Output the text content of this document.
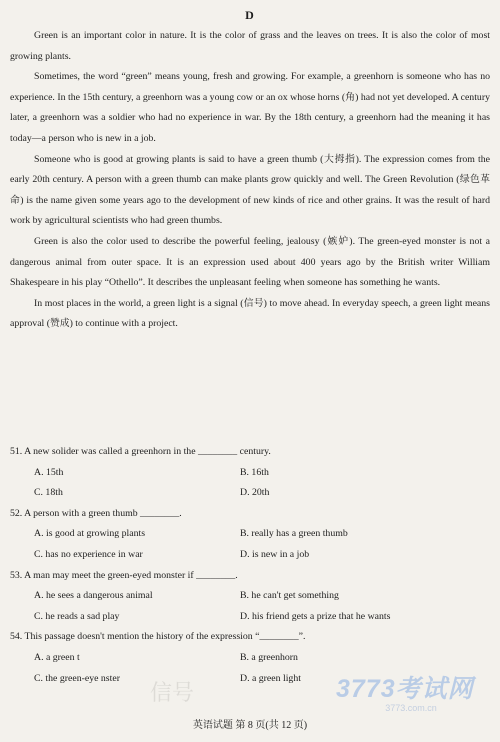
D

Green is an important color in nature. It is the color of grass and the leaves on trees. It is also the color of most growing plants.

Sometimes, the word “green” means young, fresh and growing. For example, a greenhorn is someone who has no experience. In the 15th century, a greenhorn was a young cow or an ox whose horns (角) had not yet developed. A century later, a greenhorn was a soldier who had no experience in war. By the 18th century, a greenhorn had the meaning it has today—a person who is new in a job.

Someone who is good at growing plants is said to have a green thumb (大拇指). The expression comes from the early 20th century. A person with a green thumb can make plants grow quickly and well. The Green Revolution (绿色革命) is the name given some years ago to the development of new kinds of rice and other grains. It was the result of hard work by agricultural scientists who had green thumbs.

Green is also the color used to describe the powerful feeling, jealousy (嫉妒). The green-eyed monster is not a dangerous animal from outer space. It is an expression used about 400 years ago by the British writer William Shakespeare in his play “Othello”. It describes the unpleasant feeling when someone has something he wants.

In most places in the world, a green light is a signal (信号) to move ahead. In everyday speech, a green light means approval (赞成) to continue with a project.

51. A new solider was called a greenhorn in the ________ century.

A. 15th	B. 16th
C. 18th	D. 20th

52. A person with a green thumb ________.

A. is good at growing plants	B. really has a green thumb
C. has no experience in war	D. is new in a job

53. A man may meet the green-eyed monster if ________.

A. he sees a dangerous animal	B. he can't get something
C. he reads a sad play	D. his friend gets a prize that he wants

54. This passage doesn't mention the history of the expression “________”.

A. a green t	B. a greenhorn
C. the green-eye nster	D. a green light
信号	3773考试网
3773.com.cn
英语试题 第 8 页(共 12 页)
